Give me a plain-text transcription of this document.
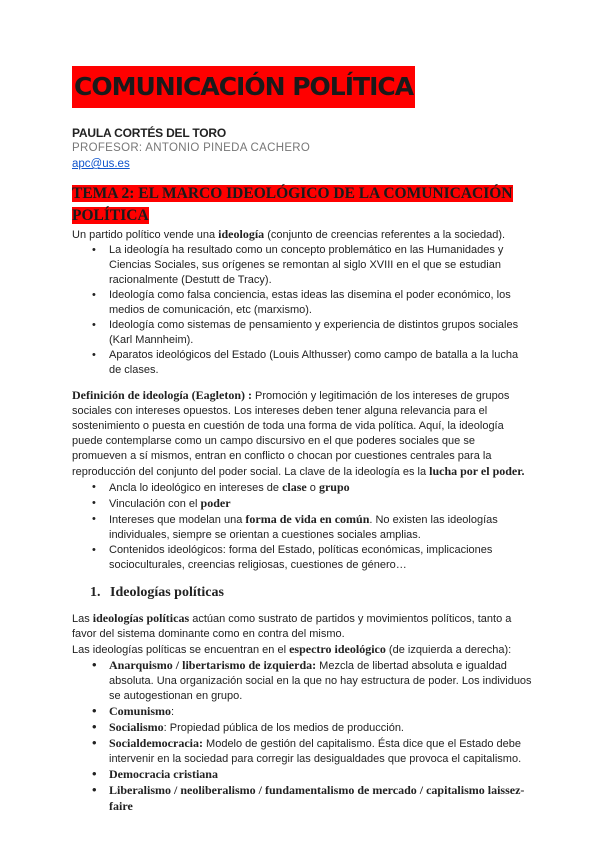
COMUNICACIÓN POLÍTICA
PAULA CORTÉS DEL TORO
PROFESOR: ANTONIO PINEDA CACHERO
apc@us.es
TEMA 2: EL MARCO IDEOLÓGICO DE LA COMUNICACIÓN
POLÍTICA

Un partido político vende una ideología (conjunto de creencias referentes a la sociedad).

• La ideología ha resultado como un concepto problemático en las Humanidades y Ciencias Sociales, sus orígenes se remontan al siglo XVIII en el que se estudian racionalmente (Destutt de Tracy).
• Ideología como falsa conciencia, estas ideas las disemina el poder económico, los medios de comunicación, etc (marxismo).
• Ideología como sistemas de pensamiento y experiencia de distintos grupos sociales (Karl Mannheim).
• Aparatos ideológicos del Estado (Louis Althusser) como campo de batalla a la lucha de clases.

Definición de ideología (Eagleton) : Promoción y legitimación de los intereses de grupos sociales con intereses opuestos. Los intereses deben tener alguna relevancia para el sostenimiento o puesta en cuestión de toda una forma de vida política. Aquí, la ideología puede contemplarse como un campo discursivo en el que poderes sociales que se promueven a sí mismos, entran en conflicto o chocan por cuestiones centrales para la reproducción del conjunto del poder social. La clave de la ideología es la lucha por el poder.

• Ancla lo ideológico en intereses de clase o grupo
• Vinculación con el poder
• Intereses que modelan una forma de vida en común. No existen las ideologías individuales, siempre se orientan a cuestiones sociales amplias.
• Contenidos ideológicos: forma del Estado, políticas económicas, implicaciones socioculturales, creencias religiosas, cuestiones de género…
1. Ideologías políticas

Las ideologías políticas actúan como sustrato de partidos y movimientos políticos, tanto a favor del sistema dominante como en contra del mismo.

Las ideologías políticas se encuentran en el espectro ideológico (de izquierda a derecha):

• Anarquismo / libertarismo de izquierda: Mezcla de libertad absoluta e igualdad absoluta. Una organización social en la que no hay estructura de poder. Los individuos se autogestionan en grupo.
• Comunismo:
• Socialismo: Propiedad pública de los medios de producción.
• Socialdemocracia: Modelo de gestión del capitalismo. Ésta dice que el Estado debe intervenir en la sociedad para corregir las desigualdades que provoca el capitalismo.
• Democracia cristiana
• Liberalismo / neoliberalismo / fundamentalismo de mercado / capitalismo laissez-faire
